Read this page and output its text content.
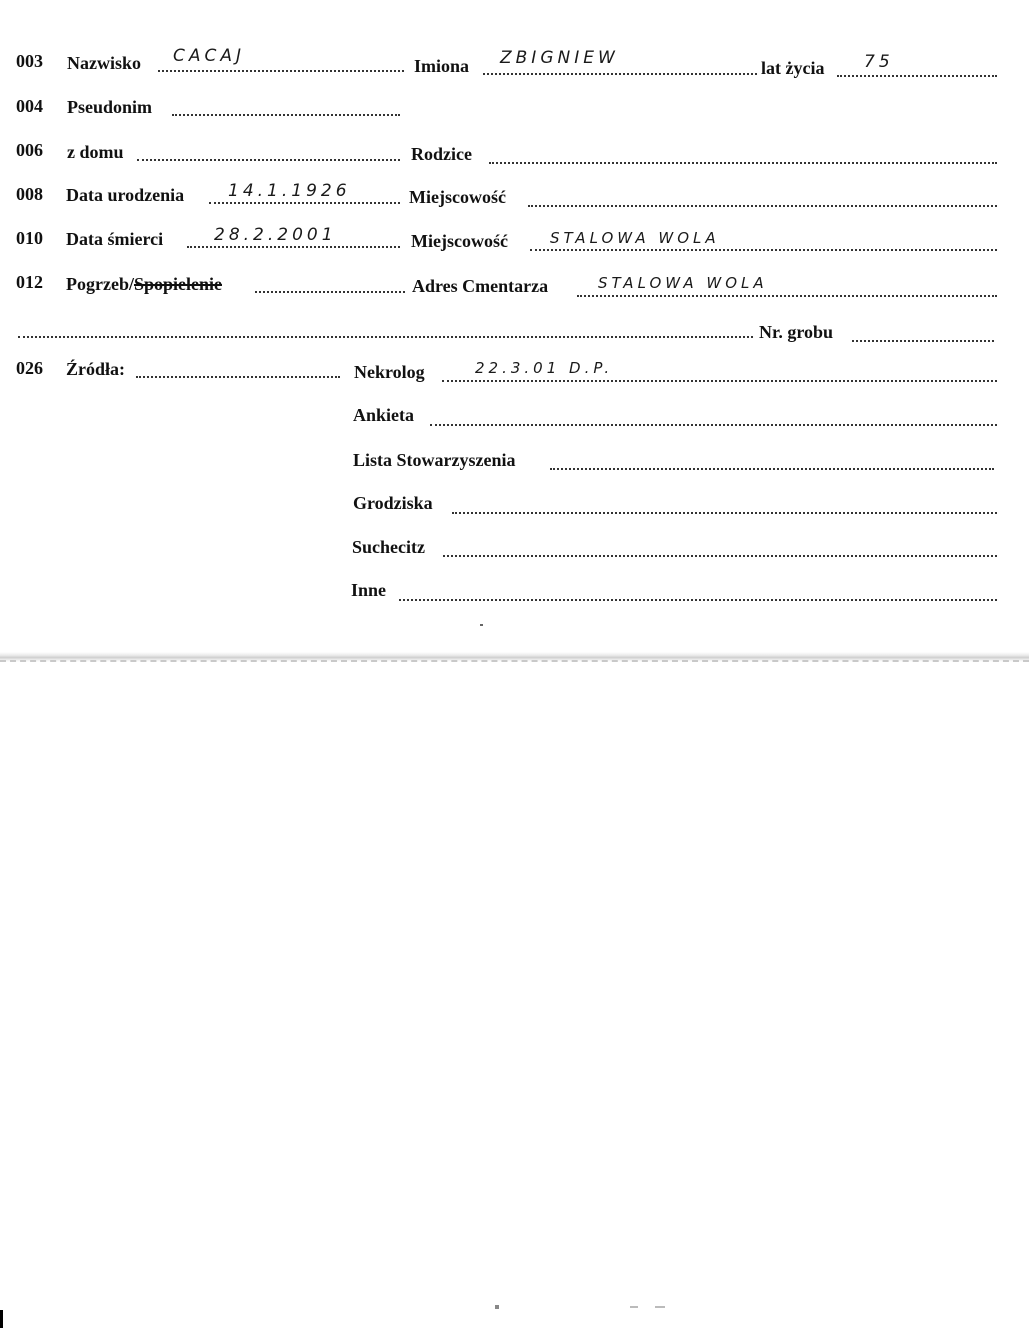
003 Nazwisko CACAJ	Imiona ZBIGNIEW	lat życia 75
004 Pseudonim
006 z domu	Rodzice
008 Data urodzenia	14.1.1926	Miejscowość
010 Data śmierci	28.2.2001	Miejscowość	STALOWA WOLA
012 Pogrzeb/Spopielenie	Adres Cmentarza	STALOWA WOLA
Nr. grobu
026 Źródła:	Nekrolog	22.3.01 D.P.
Ankieta
Lista Stowarzyszenia
Grodziska
Suchecitz
Inne
